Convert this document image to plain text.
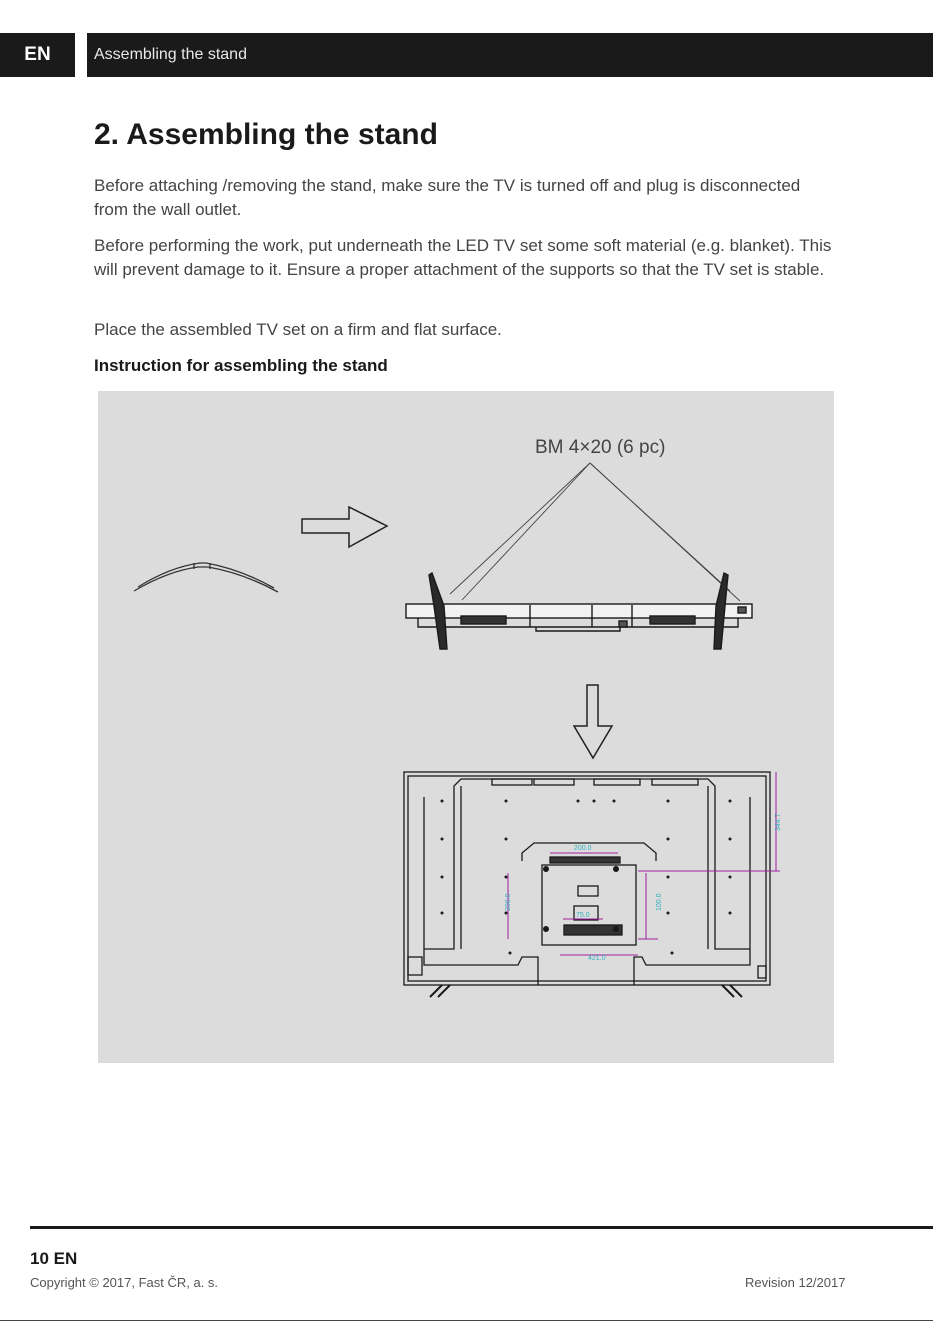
EN	Assembling the stand
2. Assembling the stand

Before attaching /removing the stand, make sure the TV is turned off and plug is disconnected from the wall outlet.

Before performing the work, put underneath the LED TV set some soft material (e.g. blanket). This will prevent damage to it. Ensure a proper attachment of the supports so that the TV set is stable.

Place the assembled TV set on a firm and flat surface.

Instruction for assembling the stand
200.0
200.0
75.0
421.0
344.7
100.0
BM 4×20 (6 pc)
10 EN
Copyright © 2017, Fast ČR, a. s.	Revision 12/2017
